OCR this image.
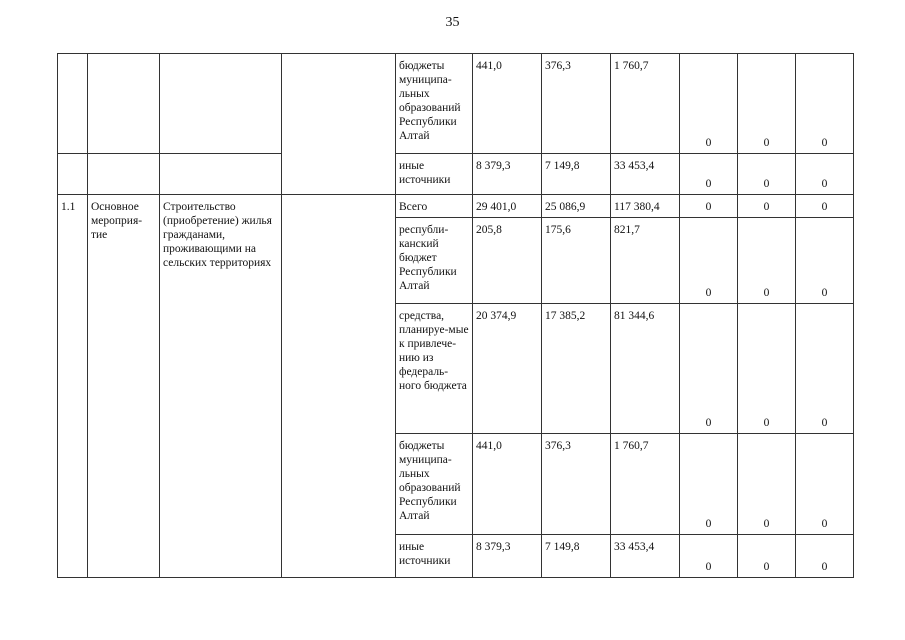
35
				бюджеты муниципа-льных образований Республики Алтай	441,0	376,3	1 760,7	0	0	0
				иные источники	8 379,3	7 149,8	33 453,4	0	0	0
1.1	Основное мероприя-тие	Строительство (приобретение) жилья гражданами, проживающими на сельских территориях		Всего	29 401,0	25 086,9	117 380,4	0	0	0
				республи-канский бюджет Республики Алтай	205,8	175,6	821,7	0	0	0
				средства, планируе-мые к привлече-нию из федераль-ного бюджета	20 374,9	17 385,2	81 344,6	0	0	0
				бюджеты муниципа-льных образований Республики Алтай	441,0	376,3	1 760,7	0	0	0
				иные источники	8 379,3	7 149,8	33 453,4	0	0	0
